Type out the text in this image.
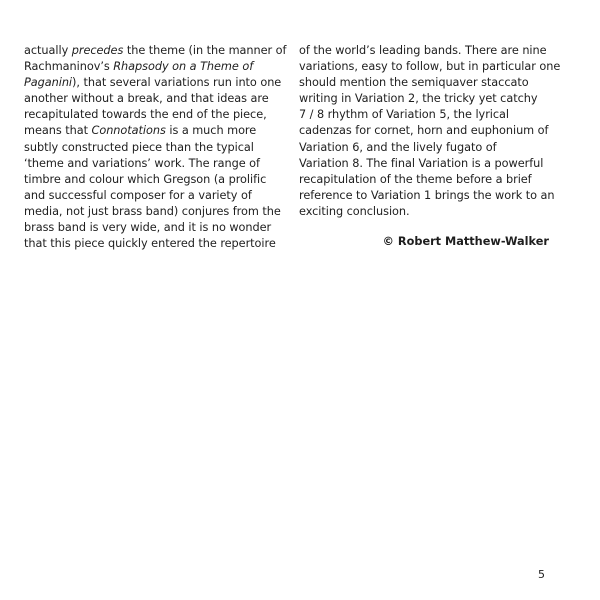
actually precedes the theme (in the manner of
Rachmaninov’s Rhapsody on a Theme of
Paganini), that several variations run into one
another without a break, and that ideas are
recapitulated towards the end of the piece,
means that Connotations is a much more
subtly constructed piece than the typical
‘theme and variations’ work. The range of
timbre and colour which Gregson (a prolific
and successful composer for a variety of
media, not just brass band) conjures from the
brass band is very wide, and it is no wonder
that this piece quickly entered the repertoire
of the world’s leading bands. There are nine
variations, easy to follow, but in particular one
should mention the semiquaver staccato
writing in Variation 2, the tricky yet catchy
7 / 8 rhythm of Variation 5, the lyrical
cadenzas for cornet, horn and euphonium of
Variation 6, and the lively fugato of
Variation 8. The final Variation is a powerful
recapitulation of the theme before a brief
reference to Variation 1 brings the work to an
exciting conclusion.
© Robert Matthew-Walker
5
